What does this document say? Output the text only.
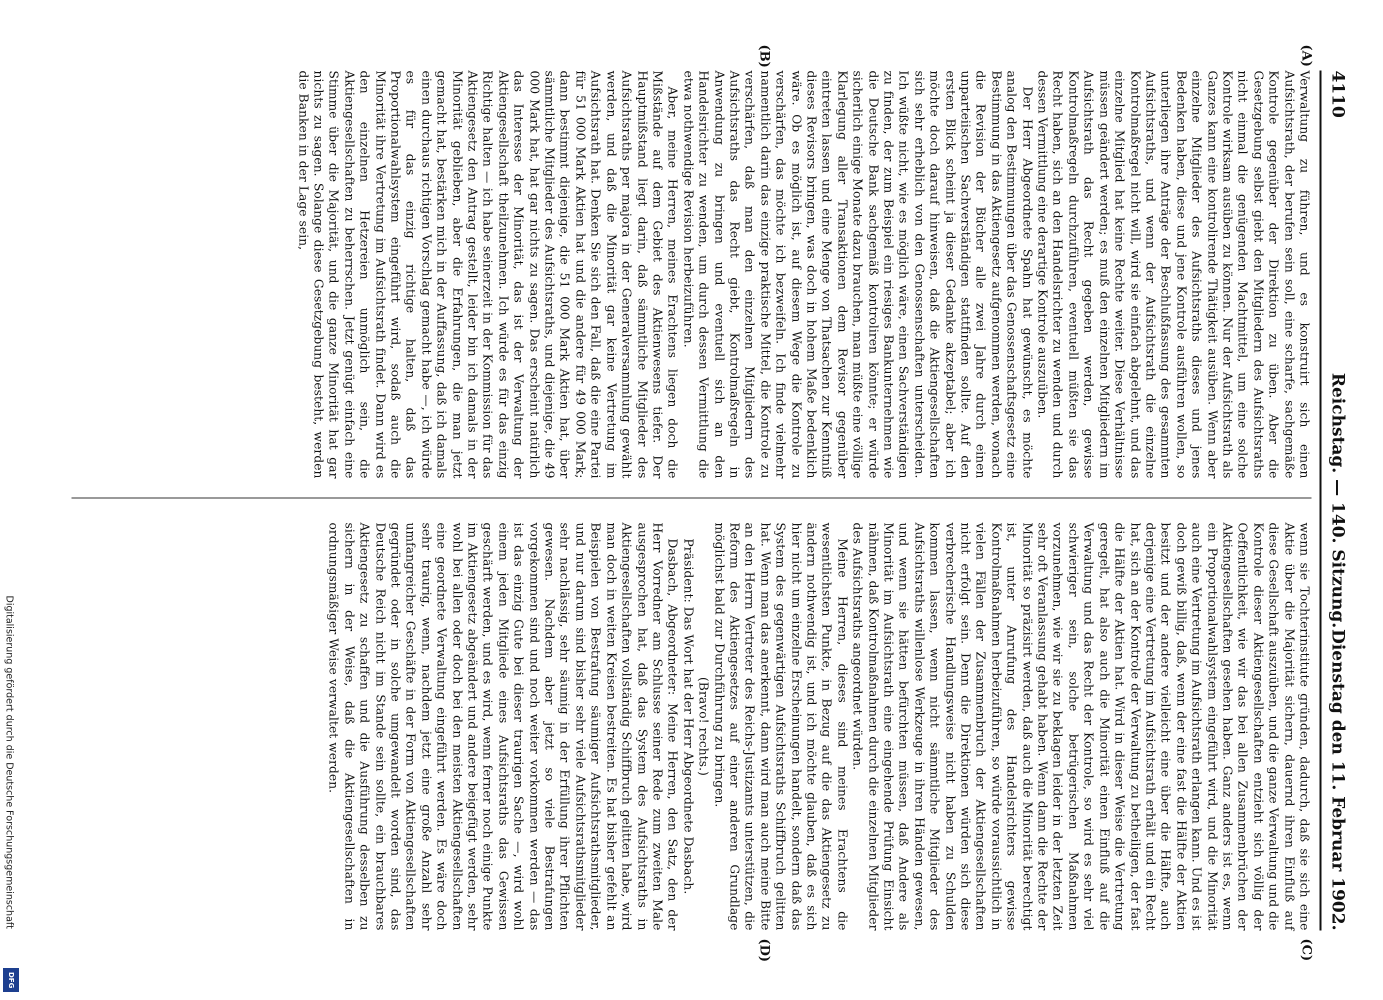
4110
Reichstag. — 140. Sitzung.
Dienstag den 11. Februar 1902.
(A)
(B)
(C)
(D)

Verwaltung zu führen, und es konstruirt sich einen Aufsichtsrath, der berufen sein soll, eine scharfe, sachgemäße Kontrole gegenüber der Direktion zu üben. Aber die Gesetzgebung selbst giebt den Mitgliedern des Aufsichtsraths nicht einmal die genügenden Machtmittel, um eine solche Kontrole wirksam ausüben zu können. Nur der Aufsichtsrath als Ganzes kann eine kontrolirende Thätigkeit ausüben. Wenn aber einzelne Mitglieder des Aufsichtsraths dieses und jenes Bedenken haben, diese und jene Kontrole ausführen wollen, so unterliegen ihre Anträge der Beschlußfassung des gesammten Aufsichtsraths, und wenn der Aufsichtsrath die einzelne Kontrolmaßregel nicht will, wird sie einfach abgelehnt, und das einzelne Mitglied hat keine Rechte weiter. Diese Verhältnisse müssen geändert werden; es muß den einzelnen Mitgliedern im Aufsichtsrath das Recht gegeben werden, gewisse Kontrolmaßregeln durchzuführen, eventuell müßten sie das Recht haben, sich an den Handelsrichter zu wenden und durch dessen Vermittlung eine derartige Kontrole auszuüben.

Der Herr Abgeordnete Spahn hat gewünscht, es möchte analog den Bestimmungen über das Genossenschaftsgesetz eine Bestimmung in das Aktiengesetz aufgenommen werden, wonach die Revision der Bücher alle zwei Jahre durch einen unparteiischen Sachverständigen stattfinden sollte. Auf den ersten Blick scheint ja dieser Gedanke akzeptabel; aber ich möchte doch darauf hinweisen, daß die Aktiengesellschaften sich sehr erheblich von den Genossenschaften unterscheiden. Ich wüßte nicht, wie es möglich wäre, einen Sachverständigen zu finden, der zum Beispiel ein riesiges Bankunternehmen wie die Deutsche Bank sachgemäß kontroliren könnte; er würde sicherlich einige Monate dazu brauchen, man müßte eine völlige Klarlegung aller Transaktionen dem Revisor gegenüber eintreten lassen und eine Menge von Thatsachen zur Kenntniß dieses Revisors bringen, was doch in hohem Maße bedenklich wäre. Ob es möglich ist, auf diesem Wege die Kontrole zu verschärfen, das möchte ich bezweifeln. Ich finde vielmehr namentlich darin das einzige praktische Mittel, die Kontrole zu verschärfen, daß man den einzelnen Mitgliedern des Aufsichtsraths das Recht giebt, Kontrolmaßregeln in Anwendung zu bringen und eventuell sich an den Handelsrichter zu wenden, um durch dessen Vermittlung die etwa nothwendige Revision herbeizuführen.

Aber, meine Herren, meines Erachtens liegen doch die Mißstände auf dem Gebiet des Aktienwesens tiefer. Der Hauptmißstand liegt darin, daß sämmtliche Mitglieder des Aufsichtsraths per majora in der Generalversammlung gewählt werden, und daß die Minorität gar keine Vertretung im Aufsichtsrath hat. Denken Sie sich den Fall, daß die eine Partei für 51 000 Mark Aktien hat und die andere für 49 000 Mark; dann bestimmt diejenige, die 51 000 Mark Aktien hat, über sämmtliche Mitglieder des Aufsichtsraths, und diejenige, die 49 000 Mark hat, hat gar nichts zu sagen. Das erscheint natürlich das Interesse der Minorität, das ist der Verwaltung der Aktiengesellschaft theilzunehmen. Ich würde es für das einzig Richtige halten — ich habe seinerzeit in der Kommission für das Aktiengesetz den Antrag gestellt, leider bin ich damals in der Minorität geblieben, aber die Erfahrungen, die man jetzt gemacht hat, bestärken mich in der Auffassung, daß ich damals einen durchaus richtigen Vorschlag gemacht habe —, ich würde es für das einzig richtige halten, daß das Proportionalwahlsystem eingeführt wird, sodaß auch die Minorität ihre Vertretung im Aufsichtsrath findet. Dann wird es den einzelnen Hetzereien unmöglich sein, die Aktiengesellschaften zu beherrschen. Jetzt genügt einfach eine Stimme über die Majorität, und die ganze Minorität hat gar nichts zu sagen. Solange diese Gesetzgebung besteht, werden die Banken in der Lage sein,

wenn sie Tochterinstitute gründen, dadurch, daß sie sich eine Aktie über die Majorität sichern, dauernd ihren Einfluß auf diese Gesellschaft auszuüben, und die ganze Verwaltung und die Kontrole dieser Aktiengesellschaften entzieht sich völlig der Oeffentlichkeit, wie wir das bei allen Zusammenbrüchen der Aktiengesellschaften gesehen haben. Ganz anders ist es, wenn ein Proportionalwahlsystem eingeführt wird, und die Minorität auch eine Vertretung im Aufsichtsrath erlangen kann. Und es ist doch gewiß billig, daß, wenn der eine fast die Hälfte der Aktien besitzt und der andere vielleicht eine über die Hälfte, auch derjenige eine Vertretung im Aufsichtsrath erhält und ein Recht hat, sich an der Kontrole der Verwaltung zu betheiligen, der fast die Hälfte der Aktien hat. Wird in dieser Weise die Vertretung geregelt, hat also auch die Minorität einen Einfluß auf die Verwaltung und das Recht der Kontrole, so wird es sehr viel schwieriger sein, solche betrügerischen Maßnahmen vorzunehmen, wie wir sie zu beklagen leider in der letzten Zeit sehr oft Veranlassung gehabt haben. Wenn dann die Rechte der Minorität so präzisirt werden, daß auch die Minorität berechtigt ist, unter Anrufung des Handelsrichters gewisse Kontrolmaßnahmen herbeizuführen, so würde voraussichtlich in vielen Fällen der Zusammenbruch der Aktiengesellschaften nicht erfolgt sein. Denn die Direktionen würden sich diese verbrecherische Handlungsweise nicht haben zu Schulden kommen lassen, wenn nicht sämmtliche Mitglieder des Aufsichtsraths willenlose Werkzeuge in ihren Händen gewesen, und wenn sie hätten befürchten müssen, daß Andere als Minorität im Aufsichtsrath eine eingehende Prüfung Einsicht nähmen, daß Kontrolmaßnahmen durch die einzelnen Mitglieder des Aufsichtsraths angeordnet würden.

Meine Herren, dieses sind meines Erachtens die wesentlichsten Punkte, in Bezug auf die das Aktiengesetz zu ändern nothwendig ist, und ich möchte glauben, daß es sich hier nicht um einzelne Erscheinungen handelt, sondern daß das System des gegenwärtigen Aufsichtsraths Schiffbruch gelitten hat. Wenn man das anerkennt, dann wird man auch meine Bitte an den Herrn Vertreter des Reichs-Justizamts unterstützen, die Reform des Aktiengesetzes auf einer anderen Grundlage möglichst bald zur Durchführung zu bringen.

(Bravo! rechts.)

Präsident: Das Wort hat der Herr Abgeordnete Dasbach.

Dasbach, Abgeordneter: Meine Herren, den Satz, den der Herr Vorredner am Schlusse seiner Rede zum zweiten Male ausgesprochen hat, daß das System des Aufsichtsraths in Aktiengesellschaften vollständig Schiffbruch gelitten habe, wird man doch in weiten Kreisen bestreiten. Es hat bisher gefehlt an Beispielen von Bestrafung säumiger Aufsichtsrathsmitglieder, und nur darum sind bisher sehr viele Aufsichtsrathsmitglieder sehr nachlässig, sehr säumig in der Erfüllung ihrer Pflichten gewesen. Nachdem aber jetzt so viele Bestrafungen vorgekommen sind und noch weiter vorkommen werden — das ist das einzig Gute bei dieser traurigen Sache —, wird wohl einem jeden Mitgliede eines Aufsichtsraths das Gewissen geschärft werden, und es wird, wenn ferner noch einige Punkte im Aktiengesetz abgeändert und andere beigefügt werden, sehr wohl bei allen oder doch bei den meisten Aktiengesellschaften eine geordnete Verwaltung eingeführt werden. Es wäre doch sehr traurig, wenn, nachdem jetzt eine große Anzahl sehr umfangreicher Geschäfte in der Form von Aktiengesellschaften gegründet oder in solche umgewandelt worden sind, das Deutsche Reich nicht im Stande sein sollte, ein brauchbares Aktiengesetz zu schaffen und die Ausführung desselben zu sichern in der Weise, daß die Aktiengesellschaften in ordnungsmäßiger Weise verwaltet werden.

Digitalisierung gefördert durch die Deutsche Forschungsgemeinschaft
DFG
